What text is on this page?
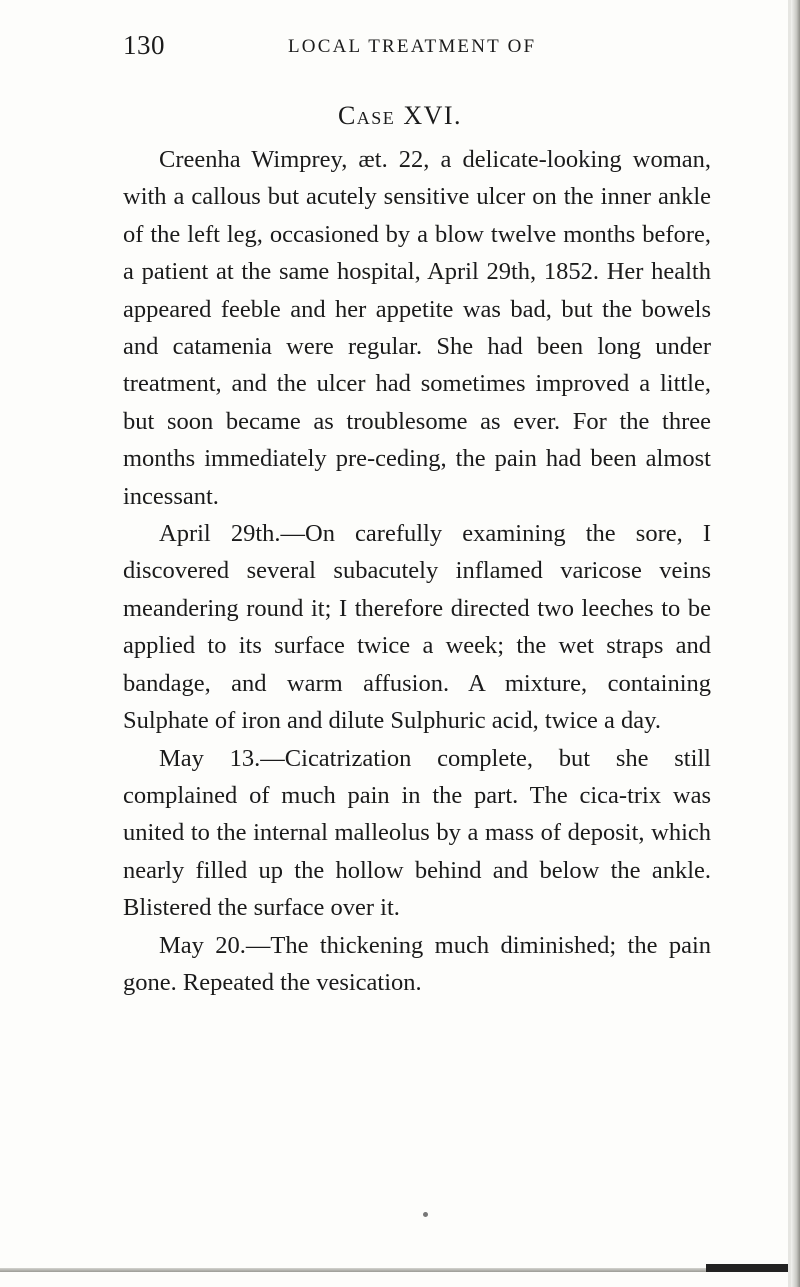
130	LOCAL TREATMENT OF
Case XVI.

Creenha Wimprey, æt. 22, a delicate-looking woman, with a callous but acutely sensitive ulcer on the inner ankle of the left leg, occasioned by a blow twelve months before, a patient at the same hospital, April 29th, 1852. Her health appeared feeble and her appetite was bad, but the bowels and catamenia were regular. She had been long under treatment, and the ulcer had sometimes improved a little, but soon became as troublesome as ever. For the three months immediately pre-ceding, the pain had been almost incessant.

April 29th.—On carefully examining the sore, I discovered several subacutely inflamed varicose veins meandering round it; I therefore directed two leeches to be applied to its surface twice a week; the wet straps and bandage, and warm affusion. A mixture, containing Sulphate of iron and dilute Sulphuric acid, twice a day.

May 13.—Cicatrization complete, but she still complained of much pain in the part. The cica-trix was united to the internal malleolus by a mass of deposit, which nearly filled up the hollow behind and below the ankle. Blistered the surface over it.

May 20.—The thickening much diminished; the pain gone. Repeated the vesication.
